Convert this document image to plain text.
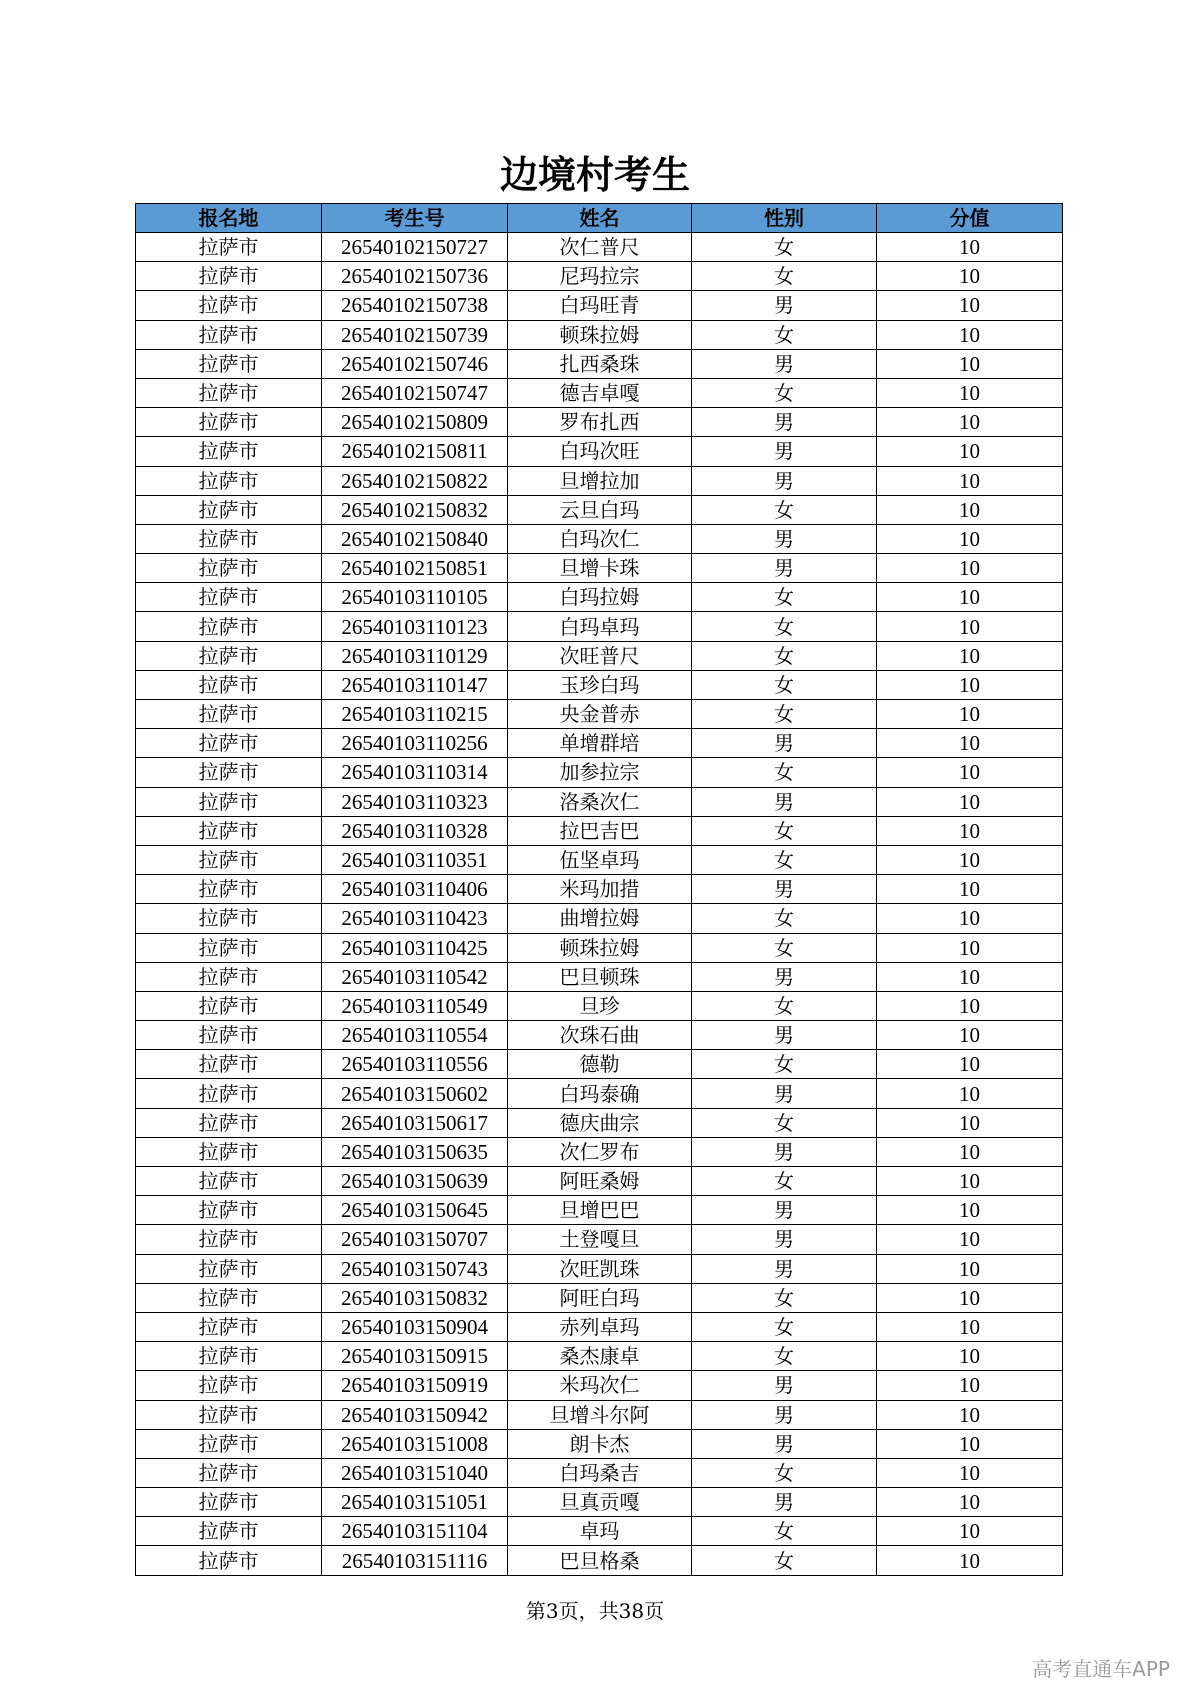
边境村考生
报名地	考生号	姓名	性别	分值
拉萨市	26540102150727	次仁普尺	女	10
拉萨市	26540102150736	尼玛拉宗	女	10
拉萨市	26540102150738	白玛旺青	男	10
拉萨市	26540102150739	顿珠拉姆	女	10
拉萨市	26540102150746	扎西桑珠	男	10
拉萨市	26540102150747	德吉卓嘎	女	10
拉萨市	26540102150809	罗布扎西	男	10
拉萨市	26540102150811	白玛次旺	男	10
拉萨市	26540102150822	旦增拉加	男	10
拉萨市	26540102150832	云旦白玛	女	10
拉萨市	26540102150840	白玛次仁	男	10
拉萨市	26540102150851	旦增卡珠	男	10
拉萨市	26540103110105	白玛拉姆	女	10
拉萨市	26540103110123	白玛卓玛	女	10
拉萨市	26540103110129	次旺普尺	女	10
拉萨市	26540103110147	玉珍白玛	女	10
拉萨市	26540103110215	央金普赤	女	10
拉萨市	26540103110256	单增群培	男	10
拉萨市	26540103110314	加参拉宗	女	10
拉萨市	26540103110323	洛桑次仁	男	10
拉萨市	26540103110328	拉巴吉巴	女	10
拉萨市	26540103110351	伍坚卓玛	女	10
拉萨市	26540103110406	米玛加措	男	10
拉萨市	26540103110423	曲增拉姆	女	10
拉萨市	26540103110425	顿珠拉姆	女	10
拉萨市	26540103110542	巴旦顿珠	男	10
拉萨市	26540103110549	旦珍	女	10
拉萨市	26540103110554	次珠石曲	男	10
拉萨市	26540103110556	德勒	女	10
拉萨市	26540103150602	白玛泰确	男	10
拉萨市	26540103150617	德庆曲宗	女	10
拉萨市	26540103150635	次仁罗布	男	10
拉萨市	26540103150639	阿旺桑姆	女	10
拉萨市	26540103150645	旦增巴巴	男	10
拉萨市	26540103150707	土登嘎旦	男	10
拉萨市	26540103150743	次旺凯珠	男	10
拉萨市	26540103150832	阿旺白玛	女	10
拉萨市	26540103150904	赤列卓玛	女	10
拉萨市	26540103150915	桑杰康卓	女	10
拉萨市	26540103150919	米玛次仁	男	10
拉萨市	26540103150942	旦增斗尔阿	男	10
拉萨市	26540103151008	朗卡杰	男	10
拉萨市	26540103151040	白玛桑吉	女	10
拉萨市	26540103151051	旦真贡嘎	男	10
拉萨市	26540103151104	卓玛	女	10
拉萨市	26540103151116	巴旦格桑	女	10
第3页，共38页
高考直通车APP
